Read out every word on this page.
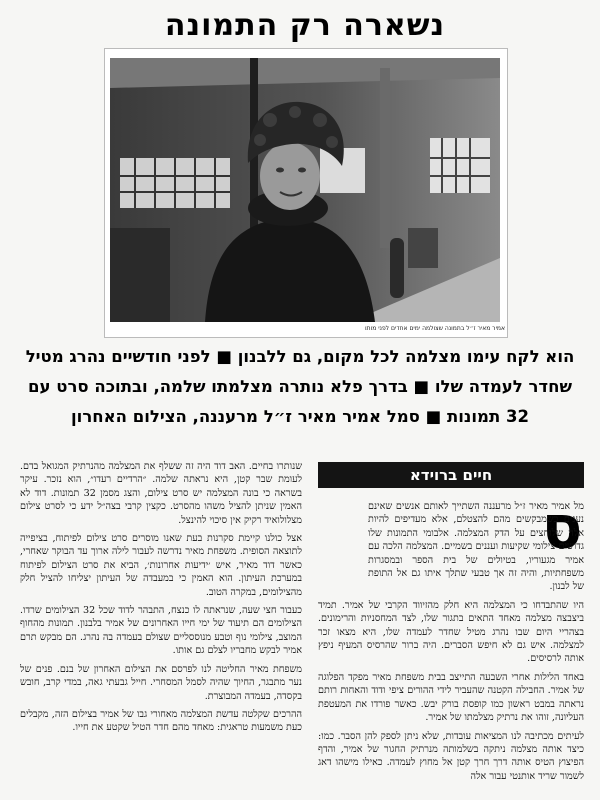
נשארה רק התמונה
אמיר מאיר ז״ל בתמונה שצולמה ימים אחדים לפני מותו
הוא לקח עימו מצלמה לכל מקום, גם ללבנון ■ לפני חודשיים נהרג מטיל שחדר לעמדה שלו ■ בדרך פלא נותרה מצלמתו שלמה, ובתוכה סרט עם 32 תמונות ■ סמל אמיר מאיר ז״ל מרעננה, הצילום האחרון
חיים ברוידא
ס

מל אמיר מאיר ז״ל מרעננה השתייך לאותם אנשים שאינם נענים כשמבקשים מהם להצטלם, אלא מעדיפים להיות אלה שלוחצים על הדק המצלמה. אלבומי התמונות שלו גדושים צילומי שקיעות ועננים בשמיים. המצלמה הלכה עם אמיר מגעוריו, בטיולים של בית הספר ובמסגרות משפחתיות, והיה זה אך טבעי שתלך איתו גם אל התופת של לבנון.

היו שהתבדחו כי המצלמה היא חלק מהזיווד הקרבי של אמיר. תמיד ביצבצה מצלמה מאחד התאים בתגור שלו, לצד המחסניות והרימונים. בצהריי היום שבו נהרג מטיל שחדר לעמדה שלו, היא מצאו זכר למצלמה. איש גם לא חיפש הסברים. היה ברור שהרסיס המעיף ניפץ אותה לרסיסים.

באחד הלילות אחרי השבעה התייצב בבית משפחת מאיר מפקד הפלוגה של אמיר. החבילה הקטנה שהעביר לידי ההורים ציפי ודוד והאחות רותם נראתה במבט ראשון כמו קופסת בורק יבש. כאשר פורדו את המעטפת העליונה, זוהו את נרתיק מצלמתו של אמיר.

לעיתים מכתיבה לנו המציאות עובדות, שלא ניתן לספק להן הסבר. כמו: כיצד אותה מצלמה ניתקה בשלמותה מנרתיק החגור של אמיר, והדף הפיצוץ הטיס אותה דרך חרך קטן אל מחוץ לעמדה. כאילו מישהו דאג לשמור שריד אותנטי עבור אלה

שנותרו בחיים. האב דוד היה זה ששלף את המצלמה מהנרתיק המגואל בדם. לעומת שבר קטן, היא נראתה שלמה. ״הרדיים רעדו״, הוא נזכר. עיקר בשראה כי בונה המצלמה יש סרט צילום, והצג מסמן 32 תמונות. דוד לא האמין שניתן להציל משהו מהסרט. כקצין קרבי בצה״ל ידע כי לסרט צילום מצלולואיד רקיק אין סיכוי להינצל.

אצל כולנו קיימת סקרנות בעת שאנו מוסרים סרט צילום לפיתוח, בציפייה לתוצאה הסופית. משפחת מאיר נדרשה לעבור לילה ארוך עד הבוקר שאחרי, כאשר דוד מאיר, איש ׳ידיעות אחרונות׳, הביא את סרט הצילום לפיתוח במערכת העיתון. הוא האמין כי במעבדה של העיתון יצליחו להציל חלק מהצילומים, במקרה הטוב.

כעבור חצי שעה, שנראתה לו כנצח, התבהר לדוד שכל 32 הצילומים שרדו. הצילומים הם תיעוד של ימי חייו האחרונים של אמיר בלבנון. תמונות מהחוף המוצב, צילומי נוף וטבע מנוססליים שצולם בעמדה בה נהרג. הם מבקש תרם אמיר לבקש מחבריו לצלם גם אותו.

משפחת מאיר החליטה לנו לפרסם את הצילום האחרון של בנם. פנים של נער מתבגר, החיוך שהיה לסמל המסחרי. חייל גבעתי גאה, במדי קרב, חובש בקסדה, בעמדה המבוצרת.

ההרכים שקלטה עדשת המצלמה מאחורי גבו של אמיר בצילום הזה, מקבלים כעת משמעות טראגית: מאחד מהם חדר הטיל שקטע את חייו.
